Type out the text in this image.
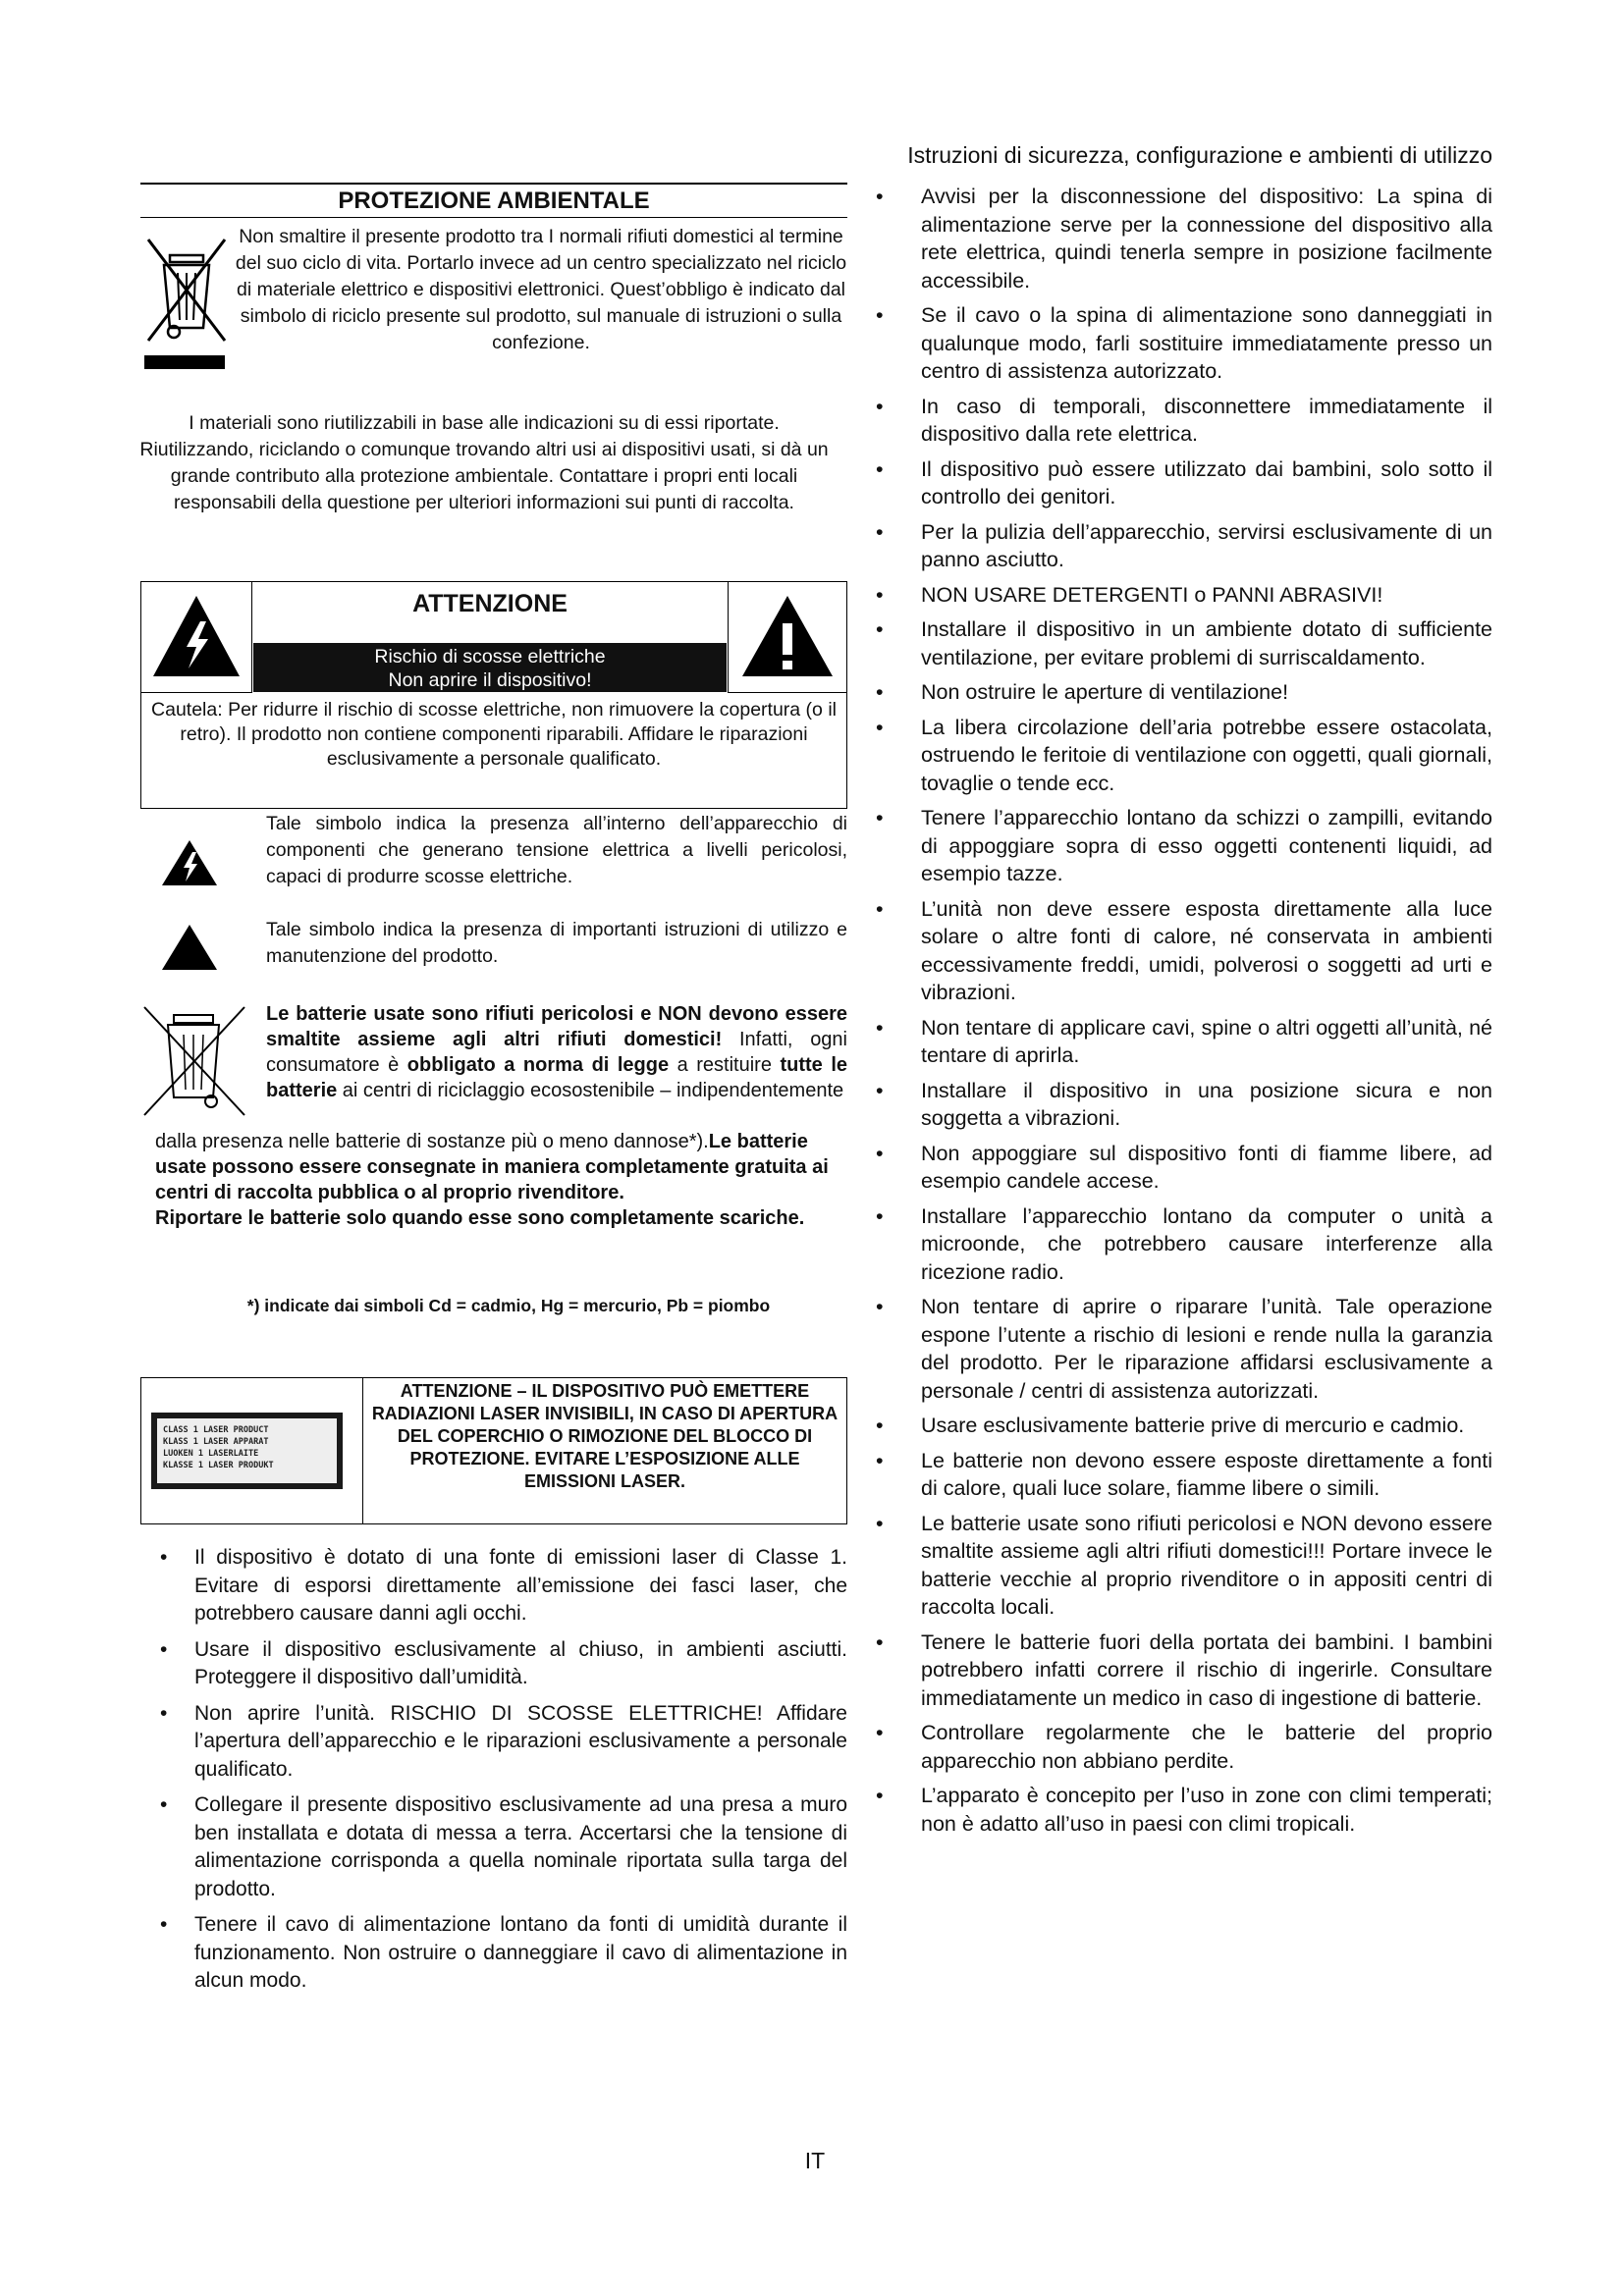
Istruzioni di sicurezza, configurazione e ambienti di utilizzo
PROTEZIONE AMBIENTALE
Non smaltire il presente prodotto tra I normali rifiuti domestici al termine del suo ciclo di vita. Portarlo invece ad un centro specializzato nel riciclo di materiale elettrico e dispositivi elettronici. Quest’obbligo è indicato dal simbolo di riciclo presente sul prodotto, sul manuale di istruzioni o sulla confezione.
I materiali sono riutilizzabili in base alle indicazioni su di essi riportate. Riutilizzando, riciclando o comunque trovando altri usi ai dispositivi usati, si dà un grande contributo alla protezione ambientale. Contattare i propri enti locali responsabili della questione per ulteriori informazioni sui punti di raccolta.
ATTENZIONE
Rischio di scosse elettriche
Non aprire il dispositivo!
Cautela: Per ridurre il rischio di scosse elettriche, non rimuovere la copertura (o il retro). Il prodotto non contiene componenti riparabili. Affidare le riparazioni esclusivamente a personale qualificato.
Tale simbolo indica la presenza all’interno dell’apparecchio di componenti che generano tensione elettrica a livelli pericolosi, capaci di produrre scosse elettriche.
Tale simbolo indica la presenza di importanti istruzioni di utilizzo e manutenzione del prodotto.
Le batterie usate sono rifiuti pericolosi e NON devono essere smaltite assieme agli altri rifiuti domestici! Infatti, ogni consumatore è obbligato a norma di legge a restituire tutte le batterie ai centri di riciclaggio ecosostenibile – indipendentemente
dalla presenza nelle batterie di sostanze più o meno dannose*).Le batterie usate possono essere consegnate in maniera completamente gratuita ai centri di raccolta pubblica o al proprio rivenditore.
Riportare le batterie solo quando esse sono completamente scariche.
*) indicate dai simboli Cd = cadmio, Hg = mercurio, Pb = piombo
CLASS 1 LASER PRODUCT
KLASS 1 LASER APPARAT
LUOKEN 1 LASERLAITE
KLASSE 1 LASER PRODUKT
ATTENZIONE – IL DISPOSITIVO PUÒ EMETTERE RADIAZIONI LASER INVISIBILI, IN CASO DI APERTURA DEL COPERCHIO O RIMOZIONE DEL BLOCCO DI PROTEZIONE. EVITARE L’ESPOSIZIONE ALLE EMISSIONI LASER.
• Il dispositivo è dotato di una fonte di emissioni laser di Classe 1. Evitare di esporsi direttamente all’emissione dei fasci laser, che potrebbero causare danni agli occhi.
• Usare il dispositivo esclusivamente al chiuso, in ambienti asciutti. Proteggere il dispositivo dall’umidità.
• Non aprire l’unità. RISCHIO DI SCOSSE ELETTRICHE! Affidare l’apertura dell’apparecchio e le riparazioni esclusivamente a personale qualificato.
• Collegare il presente dispositivo esclusivamente ad una presa a muro ben installata e dotata di messa a terra. Accertarsi che la tensione di alimentazione corrisponda a quella nominale riportata sulla targa del prodotto.
• Tenere il cavo di alimentazione lontano da fonti di umidità durante il funzionamento. Non ostruire o danneggiare il cavo di alimentazione in alcun modo.
• Avvisi per la disconnessione del dispositivo: La spina di alimentazione serve per la connessione del dispositivo alla rete elettrica, quindi tenerla sempre in posizione facilmente accessibile.
• Se il cavo o la spina di alimentazione sono danneggiati in qualunque modo, farli sostituire immediatamente presso un centro di assistenza autorizzato.
• In caso di temporali, disconnettere immediatamente il dispositivo dalla rete elettrica.
• Il dispositivo può essere utilizzato dai bambini, solo sotto il controllo dei genitori.
• Per la pulizia dell’apparecchio, servirsi esclusivamente di un panno asciutto.
• NON USARE DETERGENTI o PANNI ABRASIVI!
• Installare il dispositivo in un ambiente dotato di sufficiente ventilazione, per evitare problemi di surriscaldamento.
• Non ostruire le aperture di ventilazione!
• La libera circolazione dell’aria potrebbe essere ostacolata, ostruendo le feritoie di ventilazione con oggetti, quali giornali, tovaglie o tende ecc.
• Tenere l’apparecchio lontano da schizzi o zampilli, evitando di appoggiare sopra di esso oggetti contenenti liquidi, ad esempio tazze.
• L’unità non deve essere esposta direttamente alla luce solare o altre fonti di calore, né conservata in ambienti eccessivamente freddi, umidi, polverosi o soggetti ad urti e vibrazioni.
• Non tentare di applicare cavi, spine o altri oggetti all’unità, né tentare di aprirla.
• Installare il dispositivo in una posizione sicura e non soggetta a vibrazioni.
• Non appoggiare sul dispositivo fonti di fiamme libere, ad esempio candele accese.
• Installare l’apparecchio lontano da computer o unità a microonde, che potrebbero causare interferenze alla ricezione radio.
• Non tentare di aprire o riparare l’unità. Tale operazione espone l’utente a rischio di lesioni e rende nulla la garanzia del prodotto. Per le riparazione affidarsi esclusivamente a personale / centri di assistenza autorizzati.
• Usare esclusivamente batterie prive di mercurio e cadmio.
• Le batterie non devono essere esposte direttamente a fonti di calore, quali luce solare, fiamme libere o simili.
• Le batterie usate sono rifiuti pericolosi e NON devono essere smaltite assieme agli altri rifiuti domestici!!! Portare invece le batterie vecchie al proprio rivenditore o in appositi centri di raccolta locali.
• Tenere le batterie fuori della portata dei bambini. I bambini potrebbero infatti correre il rischio di ingerirle. Consultare immediatamente un medico in caso di ingestione di batterie.
• Controllare regolarmente che le batterie del proprio apparecchio non abbiano perdite.
• L’apparato è concepito per l’uso in zone con climi temperati; non è adatto all’uso in paesi con climi tropicali.
IT
